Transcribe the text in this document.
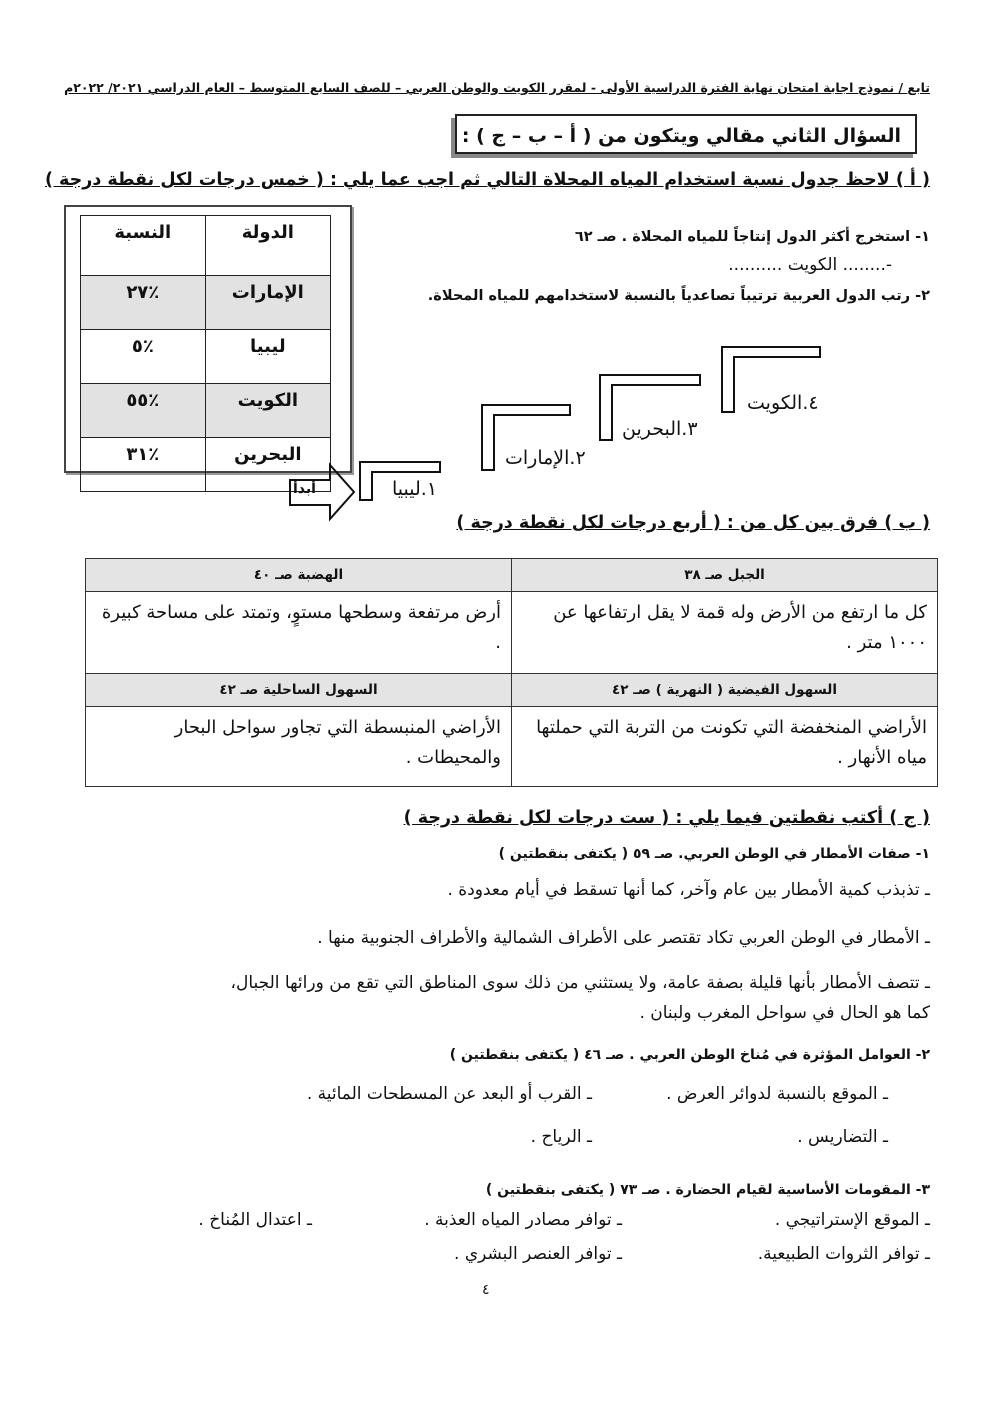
تابع / نموذج اجابة امتحان نهاية الفترة الدراسية الأولى - لمقرر الكويت والوطن العربي – للصف السابع المتوسط – العام الدراسي ٢٠٢١/ ٢٠٢٢م
السؤال الثاني مقالي ويتكون من ( أ – ب – ج ) :
( أ ) لاحظ جدول نسبة استخدام المياه المحلاة التالي ثم اجب عما يلي : ( خمس درجات لكل نقطة درجة )
الدولة	النسبة
الإمارات	٪٢٧
ليبيا	٪٥
الكويت	٪٥٥
البحرين	٪٣١
١- استخرج أكثر الدول إنتاجاً للمياه المحلاة . صـ ٦٢
-........ الكويت ..........
٢- رتب الدول العربية ترتيباً تصاعدياً بالنسبة لاستخدامهم للمياه المحلاة.
أبدأ	١.ليبيا
٢.الإمارات
٣.البحرين
٤.الكويت
( ب ) فرق بين كل من : ( أربع درجات لكل نقطة درجة )
الجبل صـ ٣٨	الهضبة صـ ٤٠
كل ما ارتفع من الأرض وله قمة لا يقل ارتفاعها عن ١٠٠٠ متر .	أرض مرتفعة وسطحها مستوٍ، وتمتد على مساحة كبيرة .
السهول الفيضية ( النهرية ) صـ ٤٢	السهول الساحلية صـ ٤٢
الأراضي المنخفضة التي تكونت من التربة التي حملتها مياه الأنهار .	الأراضي المنبسطة التي تجاور سواحل البحار والمحيطات .
( ج ) أكتب نقطتين فيما يلي : ( ست درجات لكل نقطة درجة )
١- صفات الأمطار في الوطن العربي. صـ ٥٩ ( يكتفى بنقطتين )
ـ تذبذب كمية الأمطار بين عام وآخر، كما أنها تسقط في أيام معدودة .
ـ الأمطار في الوطن العربي تكاد تقتصر على الأطراف الشمالية والأطراف الجنوبية منها .
ـ تتصف الأمطار بأنها قليلة بصفة عامة، ولا يستثني من ذلك سوى المناطق التي تقع من ورائها الجبال،
كما هو الحال في سواحل المغرب ولبنان .
٢- العوامل المؤثرة في مُناخ الوطن العربي . صـ ٤٦ ( يكتفى بنقطتين )
ـ الموقع بالنسبة لدوائر العرض .
ـ القرب أو البعد عن المسطحات المائية .
ـ التضاريس .
ـ الرياح .
٣- المقومات الأساسية لقيام الحضارة . صـ ٧٣ ( يكتفى بنقطتين )
ـ الموقع الإستراتيجي .
ـ توافر مصادر المياه العذبة .
ـ اعتدال المُناخ .
ـ توافر الثروات الطبيعية.
ـ توافر العنصر البشري .
٤
